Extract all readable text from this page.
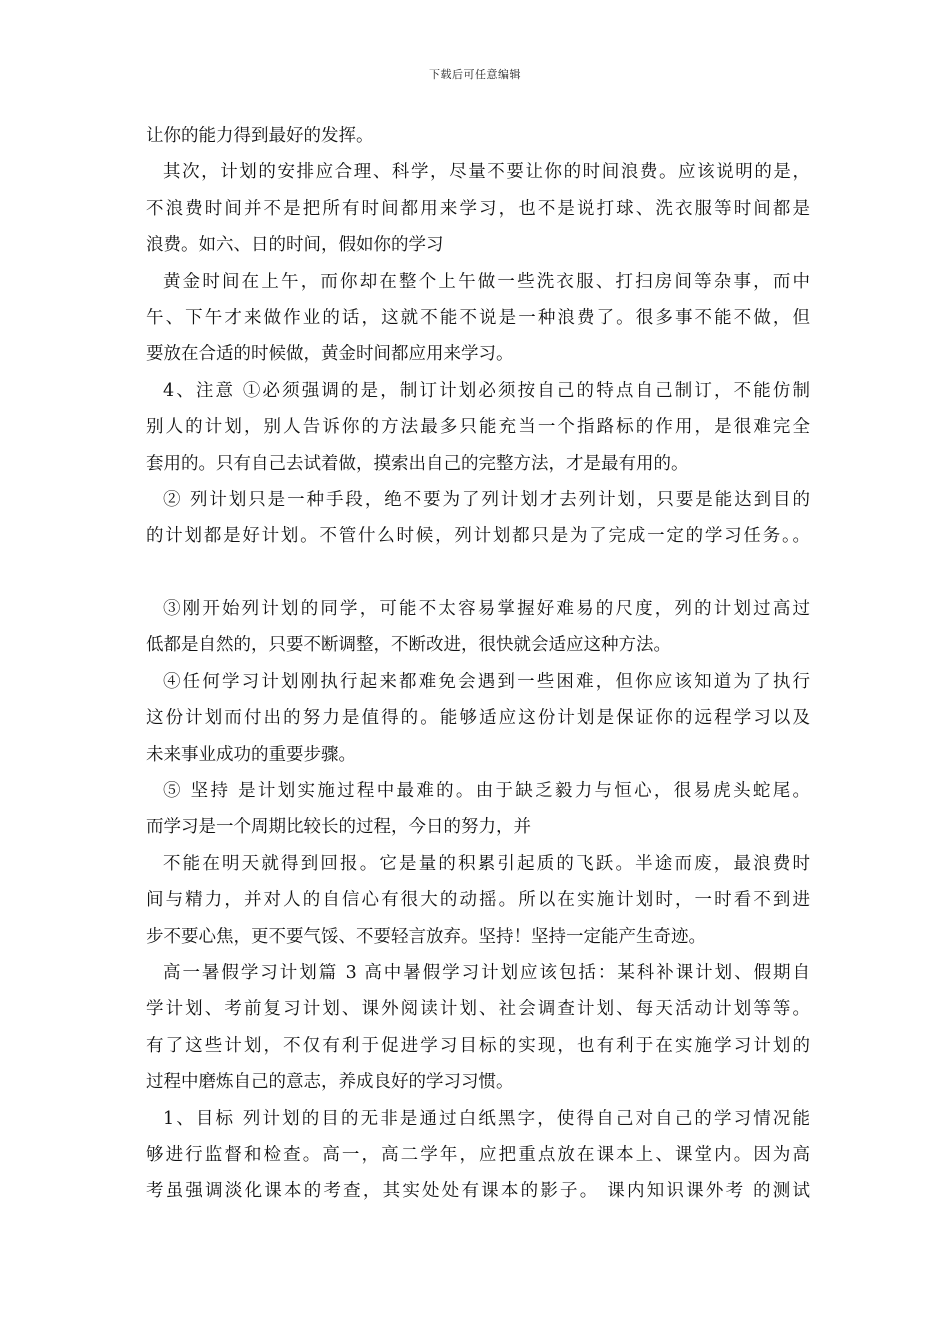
下载后可任意编辑
让你的能力得到最好的发挥。
其次，计划的安排应合理、科学，尽量不要让你的时间浪费。应该说明的是，
不浪费时间并不是把所有时间都用来学习，也不是说打球、洗衣服等时间都是
浪费。如六、日的时间，假如你的学习
黄金时间在上午，而你却在整个上午做一些洗衣服、打扫房间等杂事，而中
午、下午才来做作业的话，这就不能不说是一种浪费了。很多事不能不做，但
要放在合适的时候做，黄金时间都应用来学习。
4、注意 ①必须强调的是，制订计划必须按自己的特点自己制订，不能仿制
别人的计划，别人告诉你的方法最多只能充当一个指路标的作用，是很难完全
套用的。只有自己去试着做，摸索出自己的完整方法，才是最有用的。
② 列计划只是一种手段，绝不要为了列计划才去列计划，只要是能达到目的
的计划都是好计划。不管什么时候，列计划都只是为了完成一定的学习任务。。
③刚开始列计划的同学，可能不太容易掌握好难易的尺度，列的计划过高过
低都是自然的，只要不断调整，不断改进，很快就会适应这种方法。
④任何学习计划刚执行起来都难免会遇到一些困难，但你应该知道为了执行
这份计划而付出的努力是值得的。能够适应这份计划是保证你的远程学习以及
未来事业成功的重要步骤。
⑤ 坚持 是计划实施过程中最难的。由于缺乏毅力与恒心，很易虎头蛇尾。
而学习是一个周期比较长的过程，今日的努力，并
不能在明天就得到回报。它是量的积累引起质的飞跃。半途而废，最浪费时
间与精力，并对人的自信心有很大的动摇。所以在实施计划时，一时看不到进
步不要心焦，更不要气馁、不要轻言放弃。坚持！坚持一定能产生奇迹。
高一暑假学习计划篇 3 高中暑假学习计划应该包括：某科补课计划、假期自
学计划、考前复习计划、课外阅读计划、社会调查计划、每天活动计划等等。
有了这些计划，不仅有利于促进学习目标的实现，也有利于在实施学习计划的
过程中磨炼自己的意志，养成良好的学习习惯。
1、目标 列计划的目的无非是通过白纸黑字，使得自己对自己的学习情况能
够进行监督和检查。高一，高二学年，应把重点放在课本上、课堂内。因为高
考虽强调淡化课本的考查，其实处处有课本的影子。 课内知识课外考 的测试
